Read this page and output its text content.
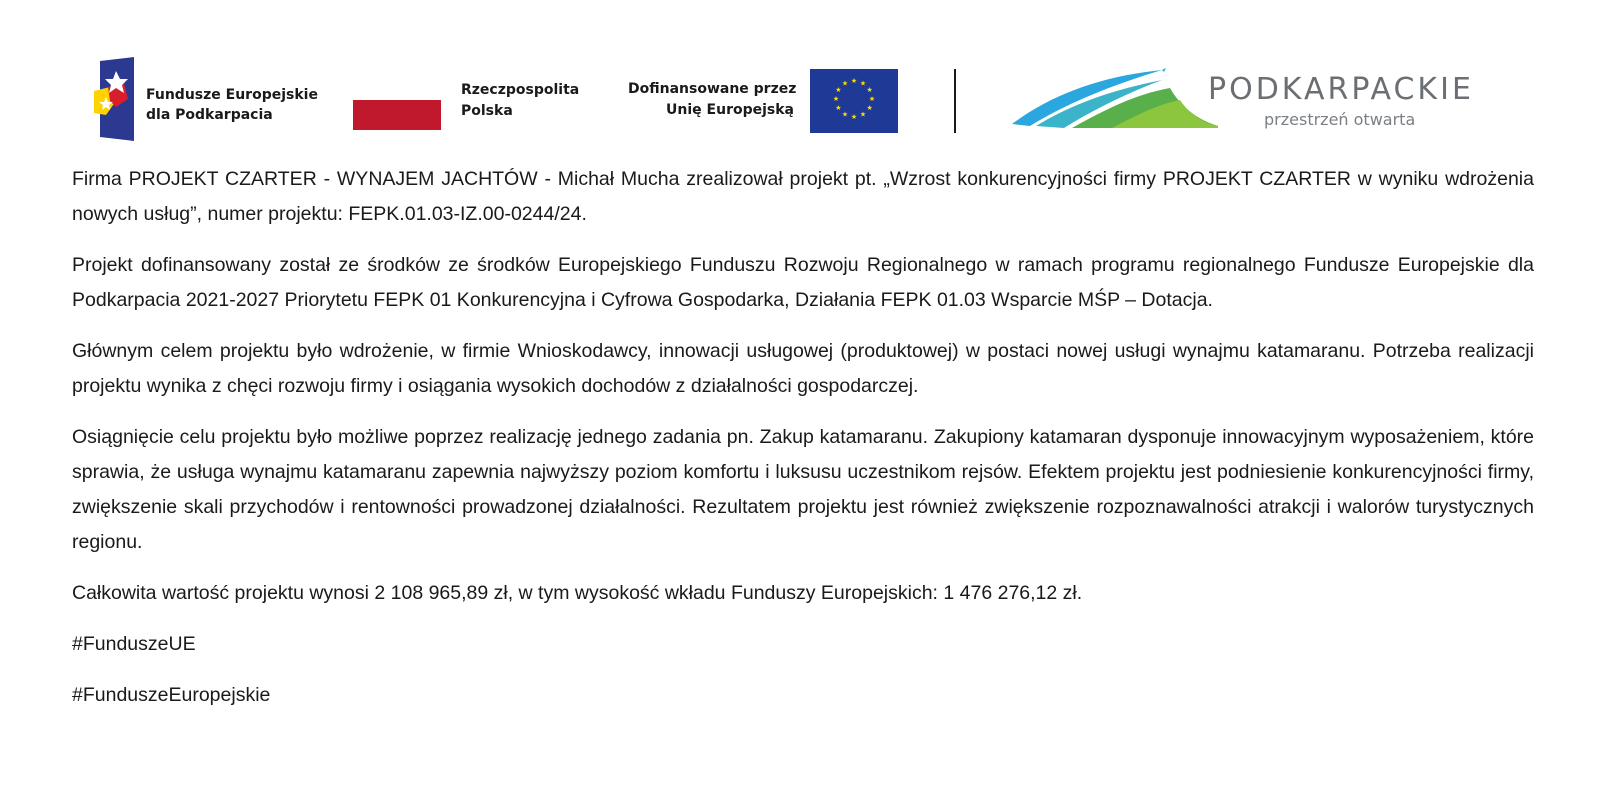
Fundusze Europejskie
dla Podkarpacia
Rzeczpospolita
Polska
Dofinansowane przez
Unię Europejską
★ ★
★
★
★
★
★
★
★
★
★
★	PODKARPACKIE
przestrzeń otwarta

Firma PROJEKT CZARTER - WYNAJEM JACHTÓW - Michał Mucha zrealizował projekt pt. „Wzrost konkurencyjności firmy PROJEKT CZARTER w wyniku wdrożenia nowych usług”, numer projektu: FEPK.01.03-IZ.00-0244/24.

Projekt dofinansowany został ze środków ze środków Europejskiego Funduszu Rozwoju Regionalnego w ramach programu regionalnego Fundusze Europejskie dla Podkarpacia 2021-2027 Priorytetu FEPK 01 Konkurencyjna i Cyfrowa Gospodarka, Działania FEPK 01.03 Wsparcie MŚP – Dotacja.

Głównym celem projektu było wdrożenie, w firmie Wnioskodawcy, innowacji usługowej (produktowej) w postaci nowej usługi wynajmu katamaranu. Potrzeba realizacji projektu wynika z chęci rozwoju firmy i osiągania wysokich dochodów z działalności gospodarczej.

Osiągnięcie celu projektu było możliwe poprzez realizację jednego zadania pn. Zakup katamaranu. Zakupiony katamaran dysponuje innowacyjnym wyposażeniem, które sprawia, że usługa wynajmu katamaranu zapewnia najwyższy poziom komfortu i luksusu uczestnikom rejsów. Efektem projektu jest podniesienie konkurencyjności firmy, zwiększenie skali przychodów i rentowności prowadzonej działalności. Rezultatem projektu jest również zwiększenie rozpoznawalności atrakcji i walorów turystycznych regionu.

Całkowita wartość projektu wynosi 2 108 965,89 zł, w tym wysokość wkładu Funduszy Europejskich: 1 476 276,12 zł.

#FunduszeUE

#FunduszeEuropejskie
